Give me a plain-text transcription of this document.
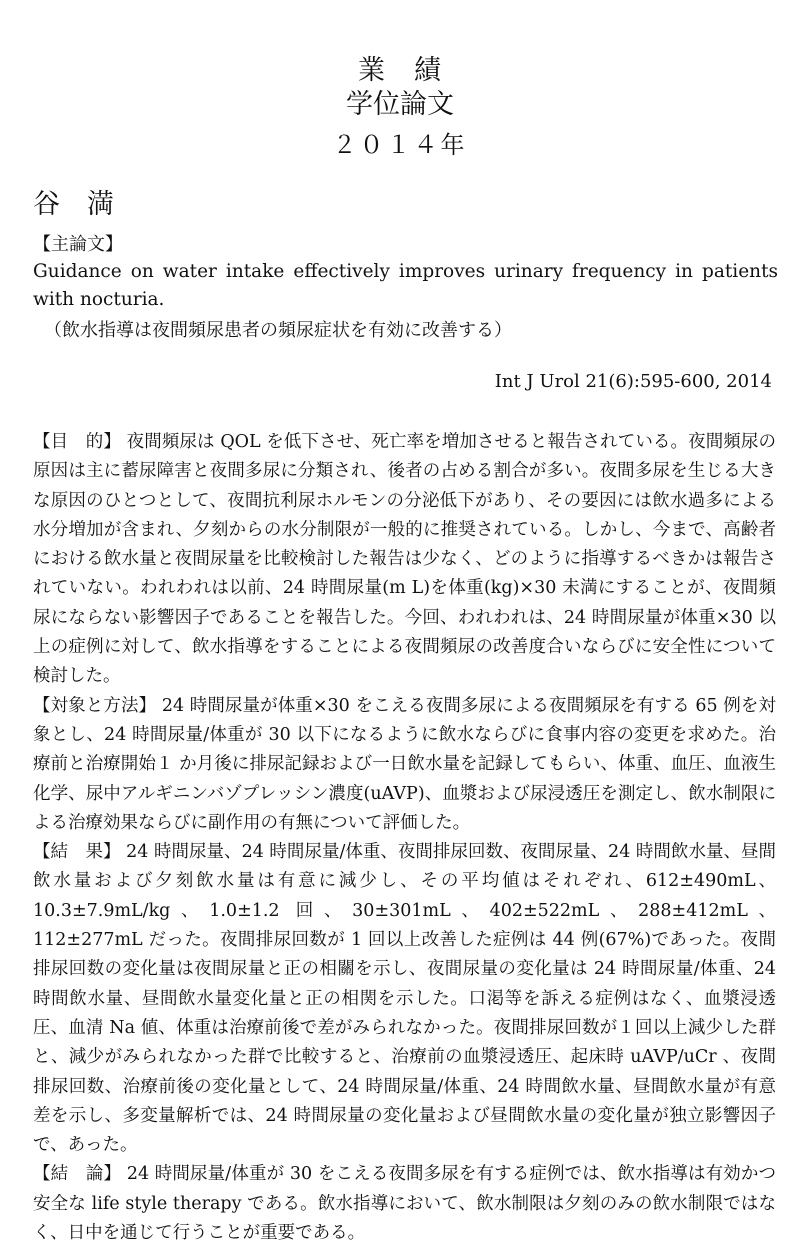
業　績
学位論文
２０１４年
谷　満
【主論文】
Guidance on water intake effectively improves urinary frequency in patients with nocturia.
（飲水指導は夜間頻尿患者の頻尿症状を有効に改善する）
Int J Urol 21(6):595-600, 2014

【目　的】 夜間頻尿は QOL を低下させ、死亡率を増加させると報告されている。夜間頻尿の原因は主に蓄尿障害と夜間多尿に分類され、後者の占める割合が多い。夜間多尿を生じる大きな原因のひとつとして、夜間抗利尿ホルモンの分泌低下があり、その要因には飲水過多による水分増加が含まれ、夕刻からの水分制限が一般的に推奨されている。しかし、今まで、高齢者における飲水量と夜間尿量を比較検討した報告は少なく、どのように指導するべきかは報告されていない。われわれは以前、24 時間尿量(m L)を体重(kg)×30 未満にすることが、夜間頻尿にならない影響因子であることを報告した。今回、われわれは、24 時間尿量が体重×30 以上の症例に対して、飲水指導をすることによる夜間頻尿の改善度合いならびに安全性について検討した。

【対象と方法】 24 時間尿量が体重×30 をこえる夜間多尿による夜間頻尿を有する 65 例を対象とし、24 時間尿量/体重が 30 以下になるように飲水ならびに食事内容の変更を求めた。治療前と治療開始１ か月後に排尿記録および一日飲水量を記録してもらい、体重、血圧、血液生化学、尿中アルギニンバゾプレッシン濃度(uAVP)、血漿および尿浸透圧を測定し、飲水制限による治療効果ならびに副作用の有無について評価した。

【結　果】 24 時間尿量、24 時間尿量/体重、夜間排尿回数、夜間尿量、24 時間飲水量、昼間飲水量および夕刻飲水量は有意に減少し、その平均値はそれぞれ、612±490mL、10.3±7.9mL/kg、1.0±1.2 回、30±301mL、402±522mL、288±412mL、112±277mL だった。夜間排尿回数が 1 回以上改善した症例は 44 例(67%)であった。夜間排尿回数の変化量は夜間尿量と正の相關を示し、夜間尿量の変化量は 24 時間尿量/体重、24 時間飲水量、昼間飲水量変化量と正の相関を示した。口渇等を訴える症例はなく、血漿浸透圧、血清 Na 値、体重は治療前後で差がみられなかった。夜間排尿回数が１回以上減少した群と、減少がみられなかった群で比較すると、治療前の血漿浸透圧、起床時 uAVP/uCr 、夜間排尿回数、治療前後の変化量として、24 時間尿量/体重、24 時間飲水量、昼間飲水量が有意差を示し、多変量解析では、24 時間尿量の変化量および昼間飲水量の変化量が独立影響因子で、あった。

【結　論】 24 時間尿量/体重が 30 をこえる夜間多尿を有する症例では、飲水指導は有効かつ安全な life style therapy である。飲水指導において、飲水制限は夕刻のみの飲水制限ではなく、日中を通じて行うことが重要である。
